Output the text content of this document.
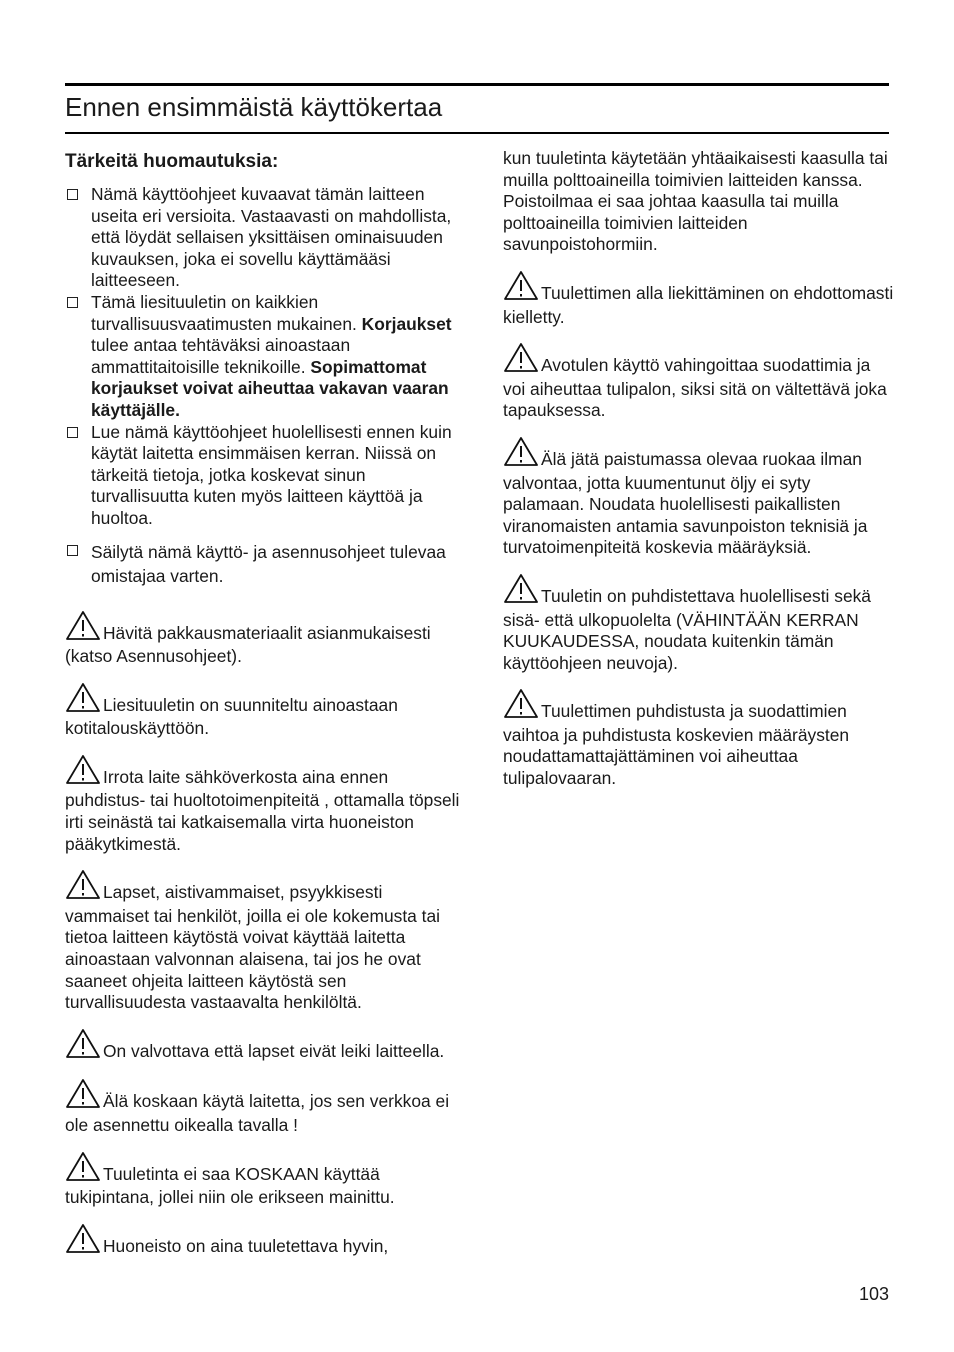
Ennen ensimmäistä käyttökertaa
Tärkeitä huomautuksia:
Nämä käyttöohjeet kuvaavat tämän laitteen useita eri versioita. Vastaavasti on mahdollista, että löydät sellaisen yksittäisen ominaisuuden kuvauksen, joka ei sovellu käyttämääsi laitteeseen.
Tämä liesituuletin on kaikkien turvallisuusvaatimusten mukainen. Korjaukset tulee antaa tehtäväksi ainoastaan ammattitaitoisille teknikoille. Sopimattomat korjaukset voivat aiheuttaa vakavan vaaran käyttäjälle.
Lue nämä käyttöohjeet huolellisesti ennen kuin käytät laitetta ensimmäisen kerran. Niissä on tärkeitä tietoja, jotka koskevat sinun turvallisuutta kuten myös laitteen käyttöä ja huoltoa.
Säilytä nämä käyttö- ja asennusohjeet tulevaa omistajaa varten.

Hävitä pakkausmateriaalit asianmukaisesti (katso Asennusohjeet).

Liesituuletin on suunniteltu ainoastaan kotitalouskäyttöön.

Irrota laite sähköverkosta aina ennen puhdistus- tai huoltotoimenpiteitä , ottamalla töpseli irti seinästä tai katkaisemalla virta huoneiston pääkytkimestä.

Lapset, aistivammaiset, psyykkisesti vammaiset tai henkilöt, joilla ei ole kokemusta tai tietoa laitteen käytöstä voivat käyttää laitetta ainoastaan valvonnan alaisena, tai jos he ovat saaneet ohjeita laitteen käytöstä sen turvallisuudesta vastaavalta henkilöltä.

On valvottava että lapset eivät leiki laitteella.

Älä koskaan käytä laitetta, jos sen verkkoa ei ole asennettu oikealla tavalla !

Tuuletinta ei saa KOSKAAN käyttää tukipintana, jollei niin ole erikseen mainittu.

Huoneisto on aina tuuletettava hyvin,

kun tuuletinta käytetään yhtäaikaisesti kaasulla tai muilla polttoaineilla toimivien laitteiden kanssa. Poistoilmaa ei saa johtaa kaasulla tai muilla polttoaineilla toimivien laitteiden savunpoistohormiin.

Tuulettimen alla liekittäminen on ehdottomasti kielletty.

Avotulen käyttö vahingoittaa suodattimia ja voi aiheuttaa tulipalon, siksi sitä on vältettävä joka tapauksessa.

Älä jätä paistumassa olevaa ruokaa ilman valvontaa, jotta kuumentunut öljy ei syty palamaan. Noudata huolellisesti paikallisten viranomaisten antamia savunpoiston teknisiä ja turvatoimenpiteitä koskevia määräyksiä.

Tuuletin on puhdistettava huolellisesti sekä sisä- että ulkopuolelta (VÄHINTÄÄN KERRAN KUUKAUDESSA, noudata kuitenkin tämän käyttöohjeen neuvoja).

Tuulettimen puhdistusta ja suodattimien vaihtoa ja puhdistusta koskevien määräysten noudattamattajättäminen voi aiheuttaa tulipalovaaran.

103
